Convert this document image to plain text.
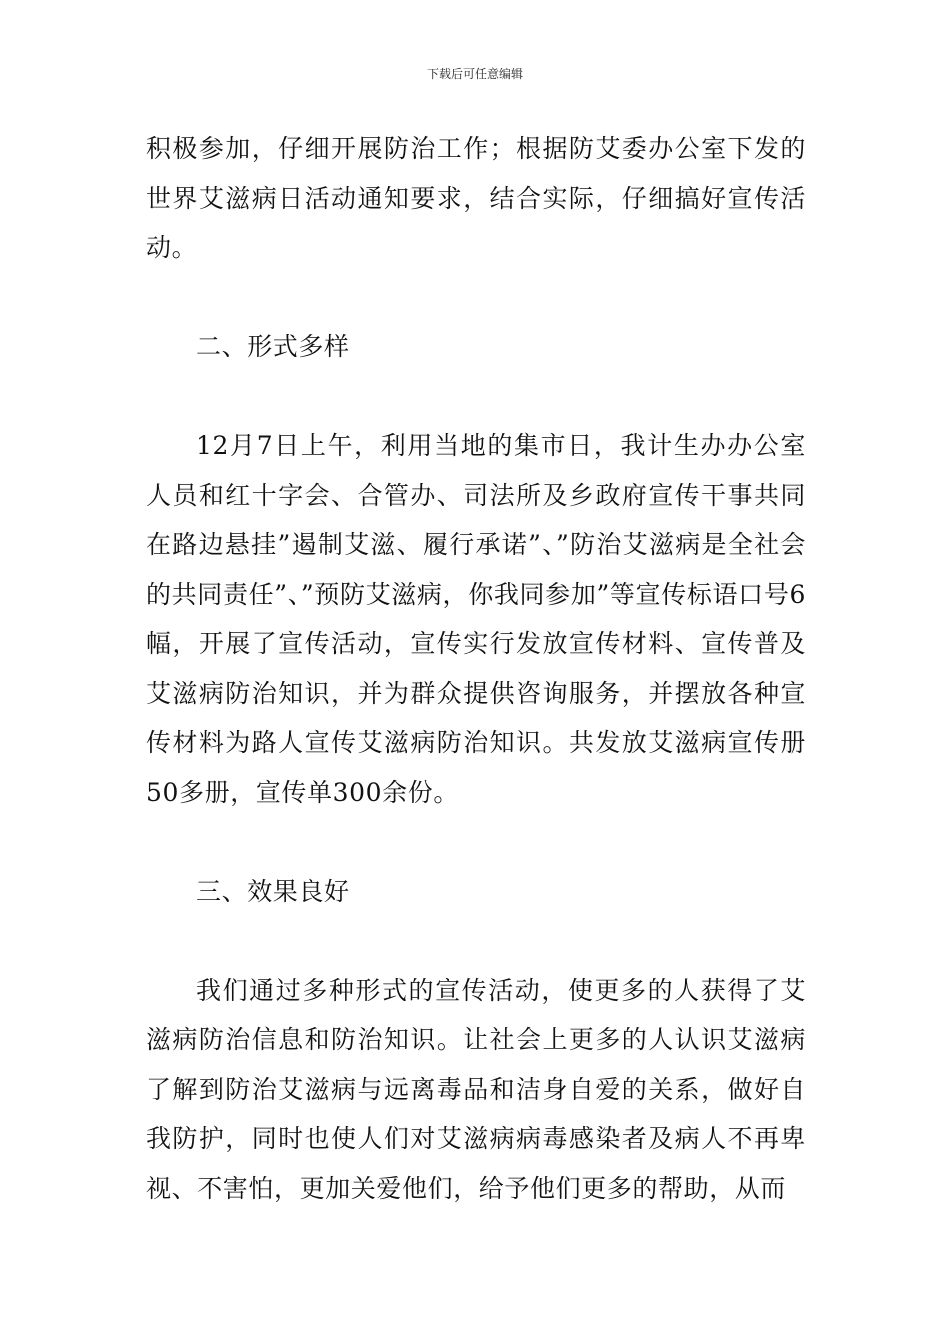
下载后可任意编辑

积极参加，仔细开展防治工作；根据防艾委办公室下发的世界艾滋病日活动通知要求，结合实际，仔细搞好宣传活动。

二、形式多样

12月7日上午，利用当地的集市日，我计生办办公室人员和红十字会、合管办、司法所及乡政府宣传干事共同在路边悬挂”遏制艾滋、履行承诺”、”防治艾滋病是全社会的共同责任”、”预防艾滋病，你我同参加”等宣传标语口号6幅，开展了宣传活动，宣传实行发放宣传材料、宣传普及艾滋病防治知识，并为群众提供咨询服务，并摆放各种宣传材料为路人宣传艾滋病防治知识。共发放艾滋病宣传册50多册，宣传单300余份。

三、效果良好

我们通过多种形式的宣传活动，使更多的人获得了艾滋病防治信息和防治知识。让社会上更多的人认识艾滋病了解到防治艾滋病与远离毒品和洁身自爱的关系，做好自我防护，同时也使人们对艾滋病病毒感染者及病人不再卑视、不害怕，更加关爱他们，给予他们更多的帮助，从而
